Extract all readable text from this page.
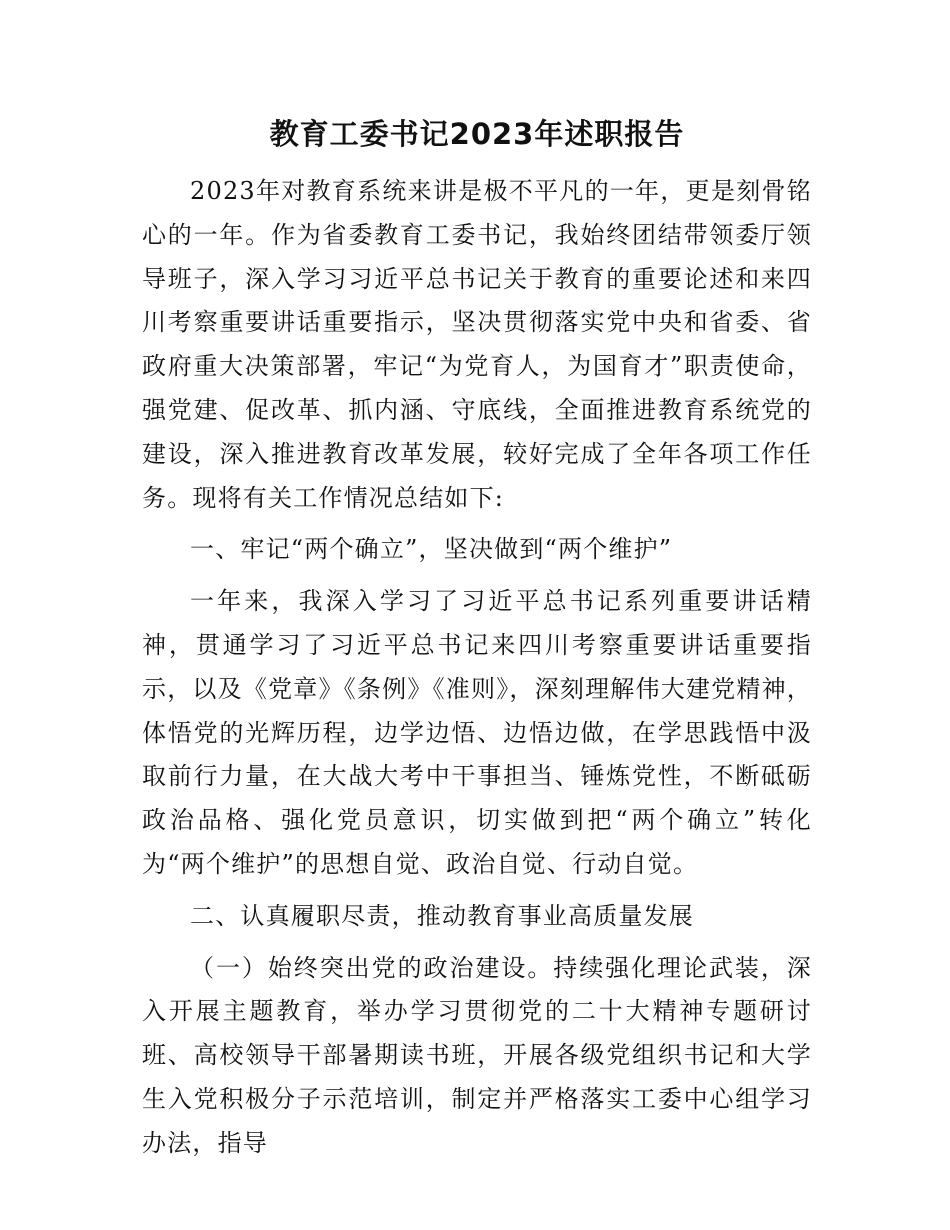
教育工委书记2023年述职报告

2023年对教育系统来讲是极不平凡的一年，更是刻骨铭心的一年。作为省委教育工委书记，我始终团结带领委厅领导班子，深入学习习近平总书记关于教育的重要论述和来四川考察重要讲话重要指示，坚决贯彻落实党中央和省委、省政府重大决策部署，牢记“为党育人，为国育才”职责使命，强党建、促改革、抓内涵、守底线，全面推进教育系统党的建设，深入推进教育改革发展，较好完成了全年各项工作任务。现将有关工作情况总结如下:

一、牢记“两个确立”，坚决做到“两个维护”

一年来，我深入学习了习近平总书记系列重要讲话精神，贯通学习了习近平总书记来四川考察重要讲话重要指示，以及《党章》《条例》《准则》，深刻理解伟大建党精神，体悟党的光辉历程，边学边悟、边悟边做，在学思践悟中汲取前行力量，在大战大考中干事担当、锤炼党性，不断砥砺政治品格、强化党员意识，切实做到把“两个确立”转化为“两个维护”的思想自觉、政治自觉、行动自觉。

二、认真履职尽责，推动教育事业高质量发展

（一）始终突出党的政治建设。持续强化理论武装，深入开展主题教育，举办学习贯彻党的二十大精神专题研讨班、高校领导干部暑期读书班，开展各级党组织书记和大学生入党积极分子示范培训，制定并严格落实工委中心组学习办法，指导
